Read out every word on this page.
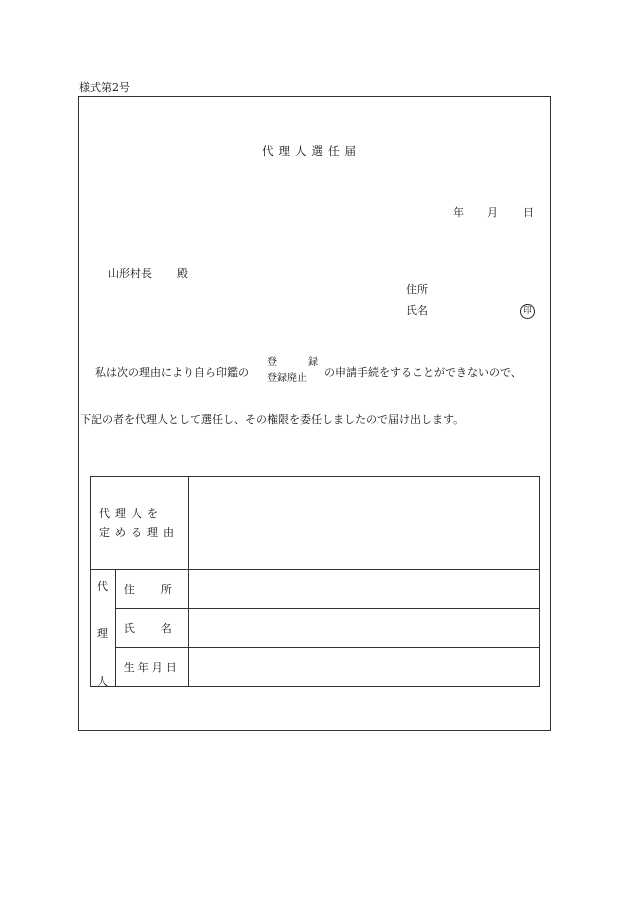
様式第2号
代理人選任届
年 月 日
山形村長 殿
住所
氏名	印
私は次の理由により自ら印鑑の
登	録
登録廃止 の申請手続をすることができないので、
下記の者を代理人として選任し、その権限を委任しましたので届け出します。
代理人を
定める理由		

代
理
人	住 所	

	氏 名	

	生年月日	
